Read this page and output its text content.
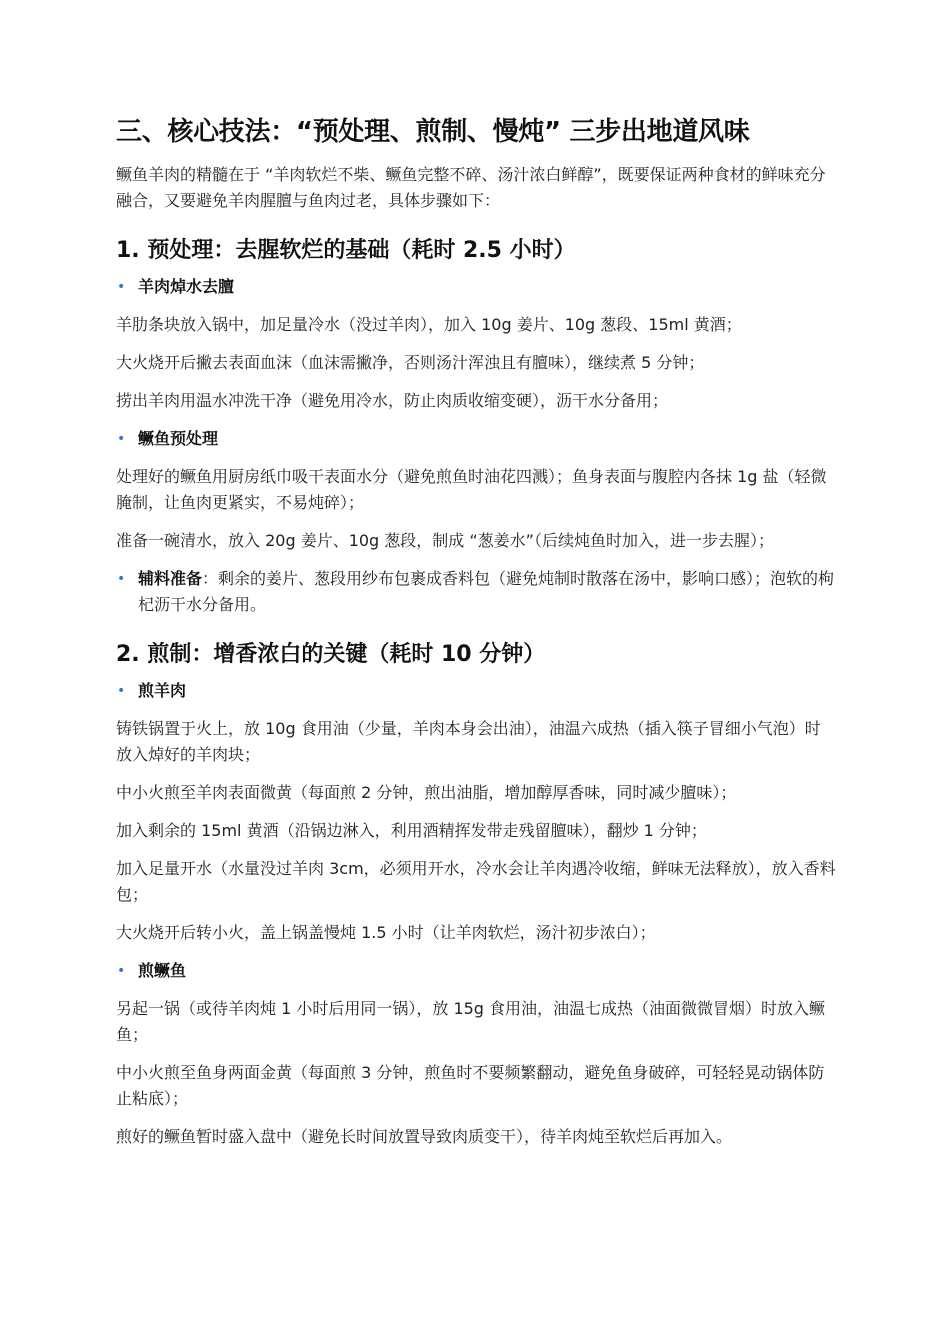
三、核心技法：“预处理、煎制、慢炖” 三步出地道风味

鳜鱼羊肉的精髓在于 “羊肉软烂不柴、鳜鱼完整不碎、汤汁浓白鲜醇”，既要保证两种食材的鲜味充分融合，又要避免羊肉腥膻与鱼肉过老，具体步骤如下：

1. 预处理：去腥软烂的基础（耗时 2.5 小时）
• 羊肉焯水去膻

羊肋条块放入锅中，加足量冷水（没过羊肉），加入 10g 姜片、10g 葱段、15ml 黄酒；

大火烧开后撇去表面血沫（血沫需撇净，否则汤汁浑浊且有膻味），继续煮 5 分钟；

捞出羊肉用温水冲洗干净（避免用冷水，防止肉质收缩变硬），沥干水分备用；

• 鳜鱼预处理

处理好的鳜鱼用厨房纸巾吸干表面水分（避免煎鱼时油花四溅）；鱼身表面与腹腔内各抹 1g 盐（轻微腌制，让鱼肉更紧实，不易炖碎）；

准备一碗清水，放入 20g 姜片、10g 葱段，制成 “葱姜水”（后续炖鱼时加入，进一步去腥）；

• 辅料准备：剩余的姜片、葱段用纱布包裹成香料包（避免炖制时散落在汤中，影响口感）；泡软的枸杞沥干水分备用。
2. 煎制：增香浓白的关键（耗时 10 分钟）
• 煎羊肉

铸铁锅置于火上，放 10g 食用油（少量，羊肉本身会出油），油温六成热（插入筷子冒细小气泡）时放入焯好的羊肉块；

中小火煎至羊肉表面微黄（每面煎 2 分钟，煎出油脂，增加醇厚香味，同时减少膻味）；

加入剩余的 15ml 黄酒（沿锅边淋入，利用酒精挥发带走残留膻味），翻炒 1 分钟；

加入足量开水（水量没过羊肉 3cm，必须用开水，冷水会让羊肉遇冷收缩，鲜味无法释放），放入香料包；

大火烧开后转小火，盖上锅盖慢炖 1.5 小时（让羊肉软烂，汤汁初步浓白）；

• 煎鳜鱼

另起一锅（或待羊肉炖 1 小时后用同一锅），放 15g 食用油，油温七成热（油面微微冒烟）时放入鳜鱼；

中小火煎至鱼身两面金黄（每面煎 3 分钟，煎鱼时不要频繁翻动，避免鱼身破碎，可轻轻晃动锅体防止粘底）；

煎好的鳜鱼暂时盛入盘中（避免长时间放置导致肉质变干），待羊肉炖至软烂后再加入。
